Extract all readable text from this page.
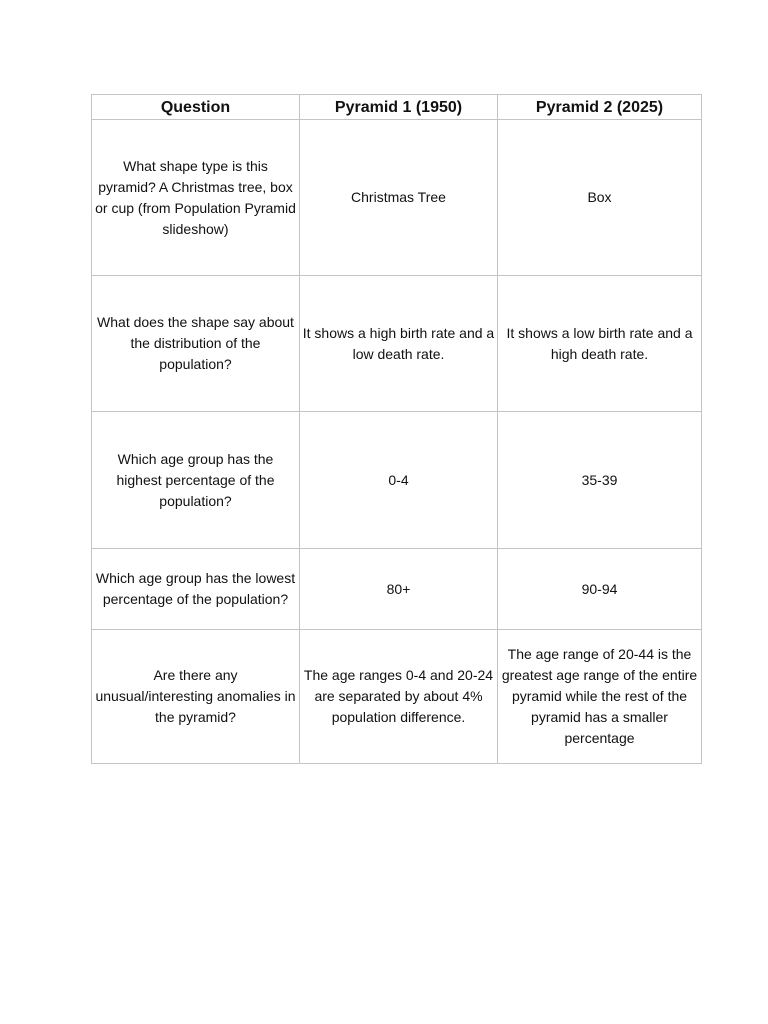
Question	Pyramid 1 (1950)	Pyramid 2 (2025)
What shape type is this pyramid? A Christmas tree, box or cup (from Population Pyramid slideshow)	Christmas Tree	Box
What does the shape say about the distribution of the population?	It shows a high birth rate and a low death rate.	It shows a low birth rate and a high death rate.
Which age group has the highest percentage of the population?	0-4	35-39
Which age group has the lowest percentage of the population?	80+	90-94
Are there any unusual/interesting anomalies in the pyramid?	The age ranges 0-4 and 20-24 are separated by about 4% population difference.	The age range of 20-44 is the greatest age range of the entire pyramid while the rest of the pyramid has a smaller percentage
